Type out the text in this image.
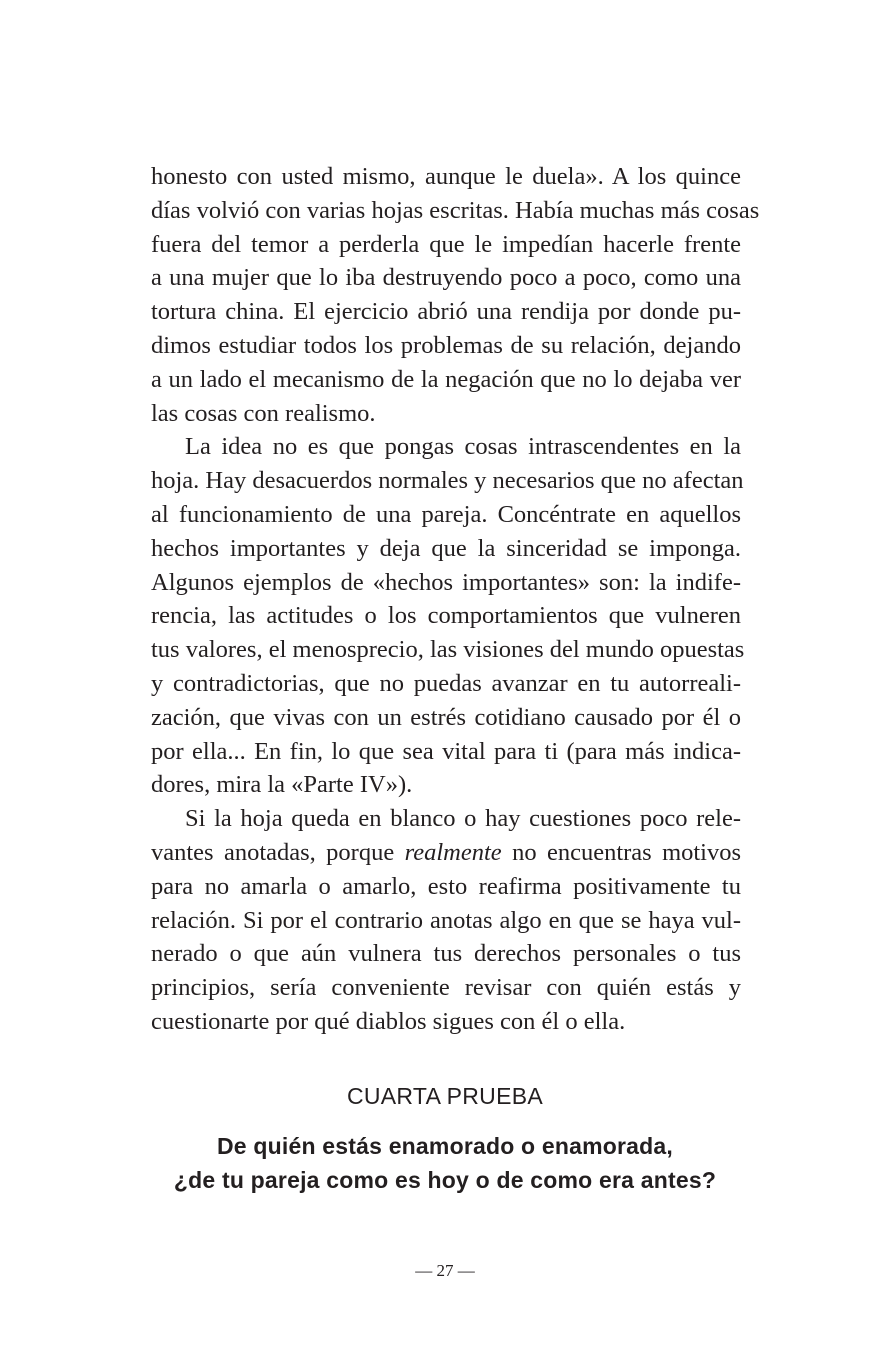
honesto con usted mismo, aunque le duela». A los quince
días volvió con varias hojas escritas. Había muchas más cosas
fuera del temor a perderla que le impedían hacerle frente
a una mujer que lo iba destruyendo poco a poco, como una
tortura china. El ejercicio abrió una rendija por donde pu-
dimos estudiar todos los problemas de su relación, dejando
a un lado el mecanismo de la negación que no lo dejaba ver
las cosas con realismo.
La idea no es que pongas cosas intrascendentes en la
hoja. Hay desacuerdos normales y necesarios que no afectan
al funcionamiento de una pareja. Concéntrate en aquellos
hechos importantes y deja que la sinceridad se imponga.
Algunos ejemplos de «hechos importantes» son: la indife-
rencia, las actitudes o los comportamientos que vulneren
tus valores, el menosprecio, las visiones del mundo opuestas
y contradictorias, que no puedas avanzar en tu autorreali-
zación, que vivas con un estrés cotidiano causado por él o
por ella... En fin, lo que sea vital para ti (para más indica-
dores, mira la «Parte IV»).
Si la hoja queda en blanco o hay cuestiones poco rele-
vantes anotadas, porque realmente no encuentras motivos
para no amarla o amarlo, esto reafirma positivamente tu
relación. Si por el contrario anotas algo en que se haya vul-
nerado o que aún vulnera tus derechos personales o tus
principios, sería conveniente revisar con quién estás y
cuestionarte por qué diablos sigues con él o ella.
CUARTA PRUEBA
De quién estás enamorado o enamorada,
¿de tu pareja como es hoy o de como era antes?
— 27 —
